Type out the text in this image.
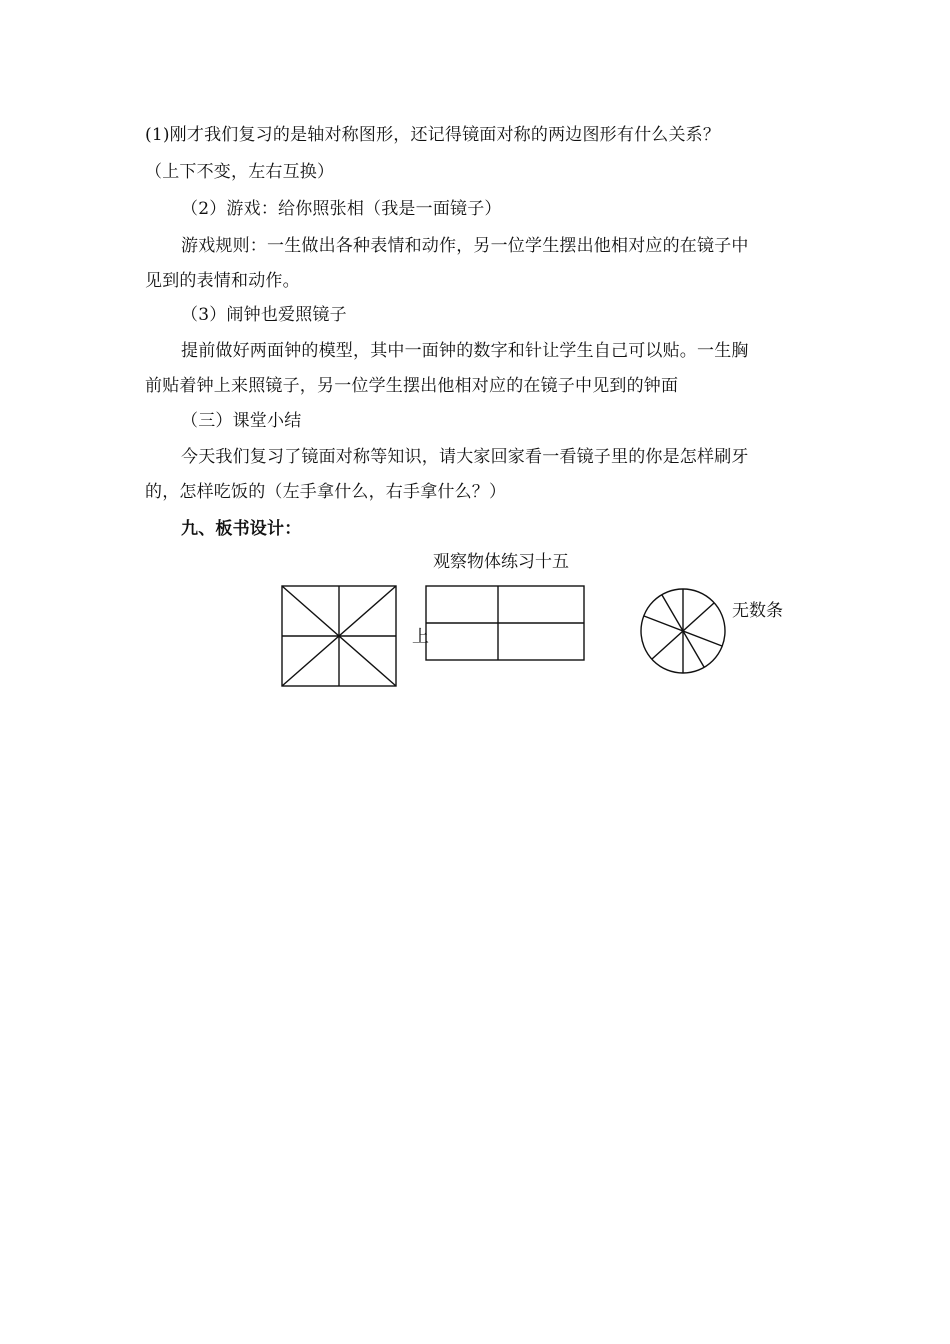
(1)刚才我们复习的是轴对称图形，还记得镜面对称的两边图形有什么关系？
（上下不变，左右互换）
（2）游戏：给你照张相（我是一面镜子）
游戏规则：一生做出各种表情和动作，另一位学生摆出他相对应的在镜子中
见到的表情和动作。
（3）闹钟也爱照镜子
提前做好两面钟的模型，其中一面钟的数字和针让学生自己可以贴。一生胸
前贴着钟上来照镜子，另一位学生摆出他相对应的在镜子中见到的钟面
（三）课堂小结
今天我们复习了镜面对称等知识，请大家回家看一看镜子里的你是怎样刷牙
的，怎样吃饭的（左手拿什么，右手拿什么？）
九、板书设计：
观察物体练习十五
上
无数条
